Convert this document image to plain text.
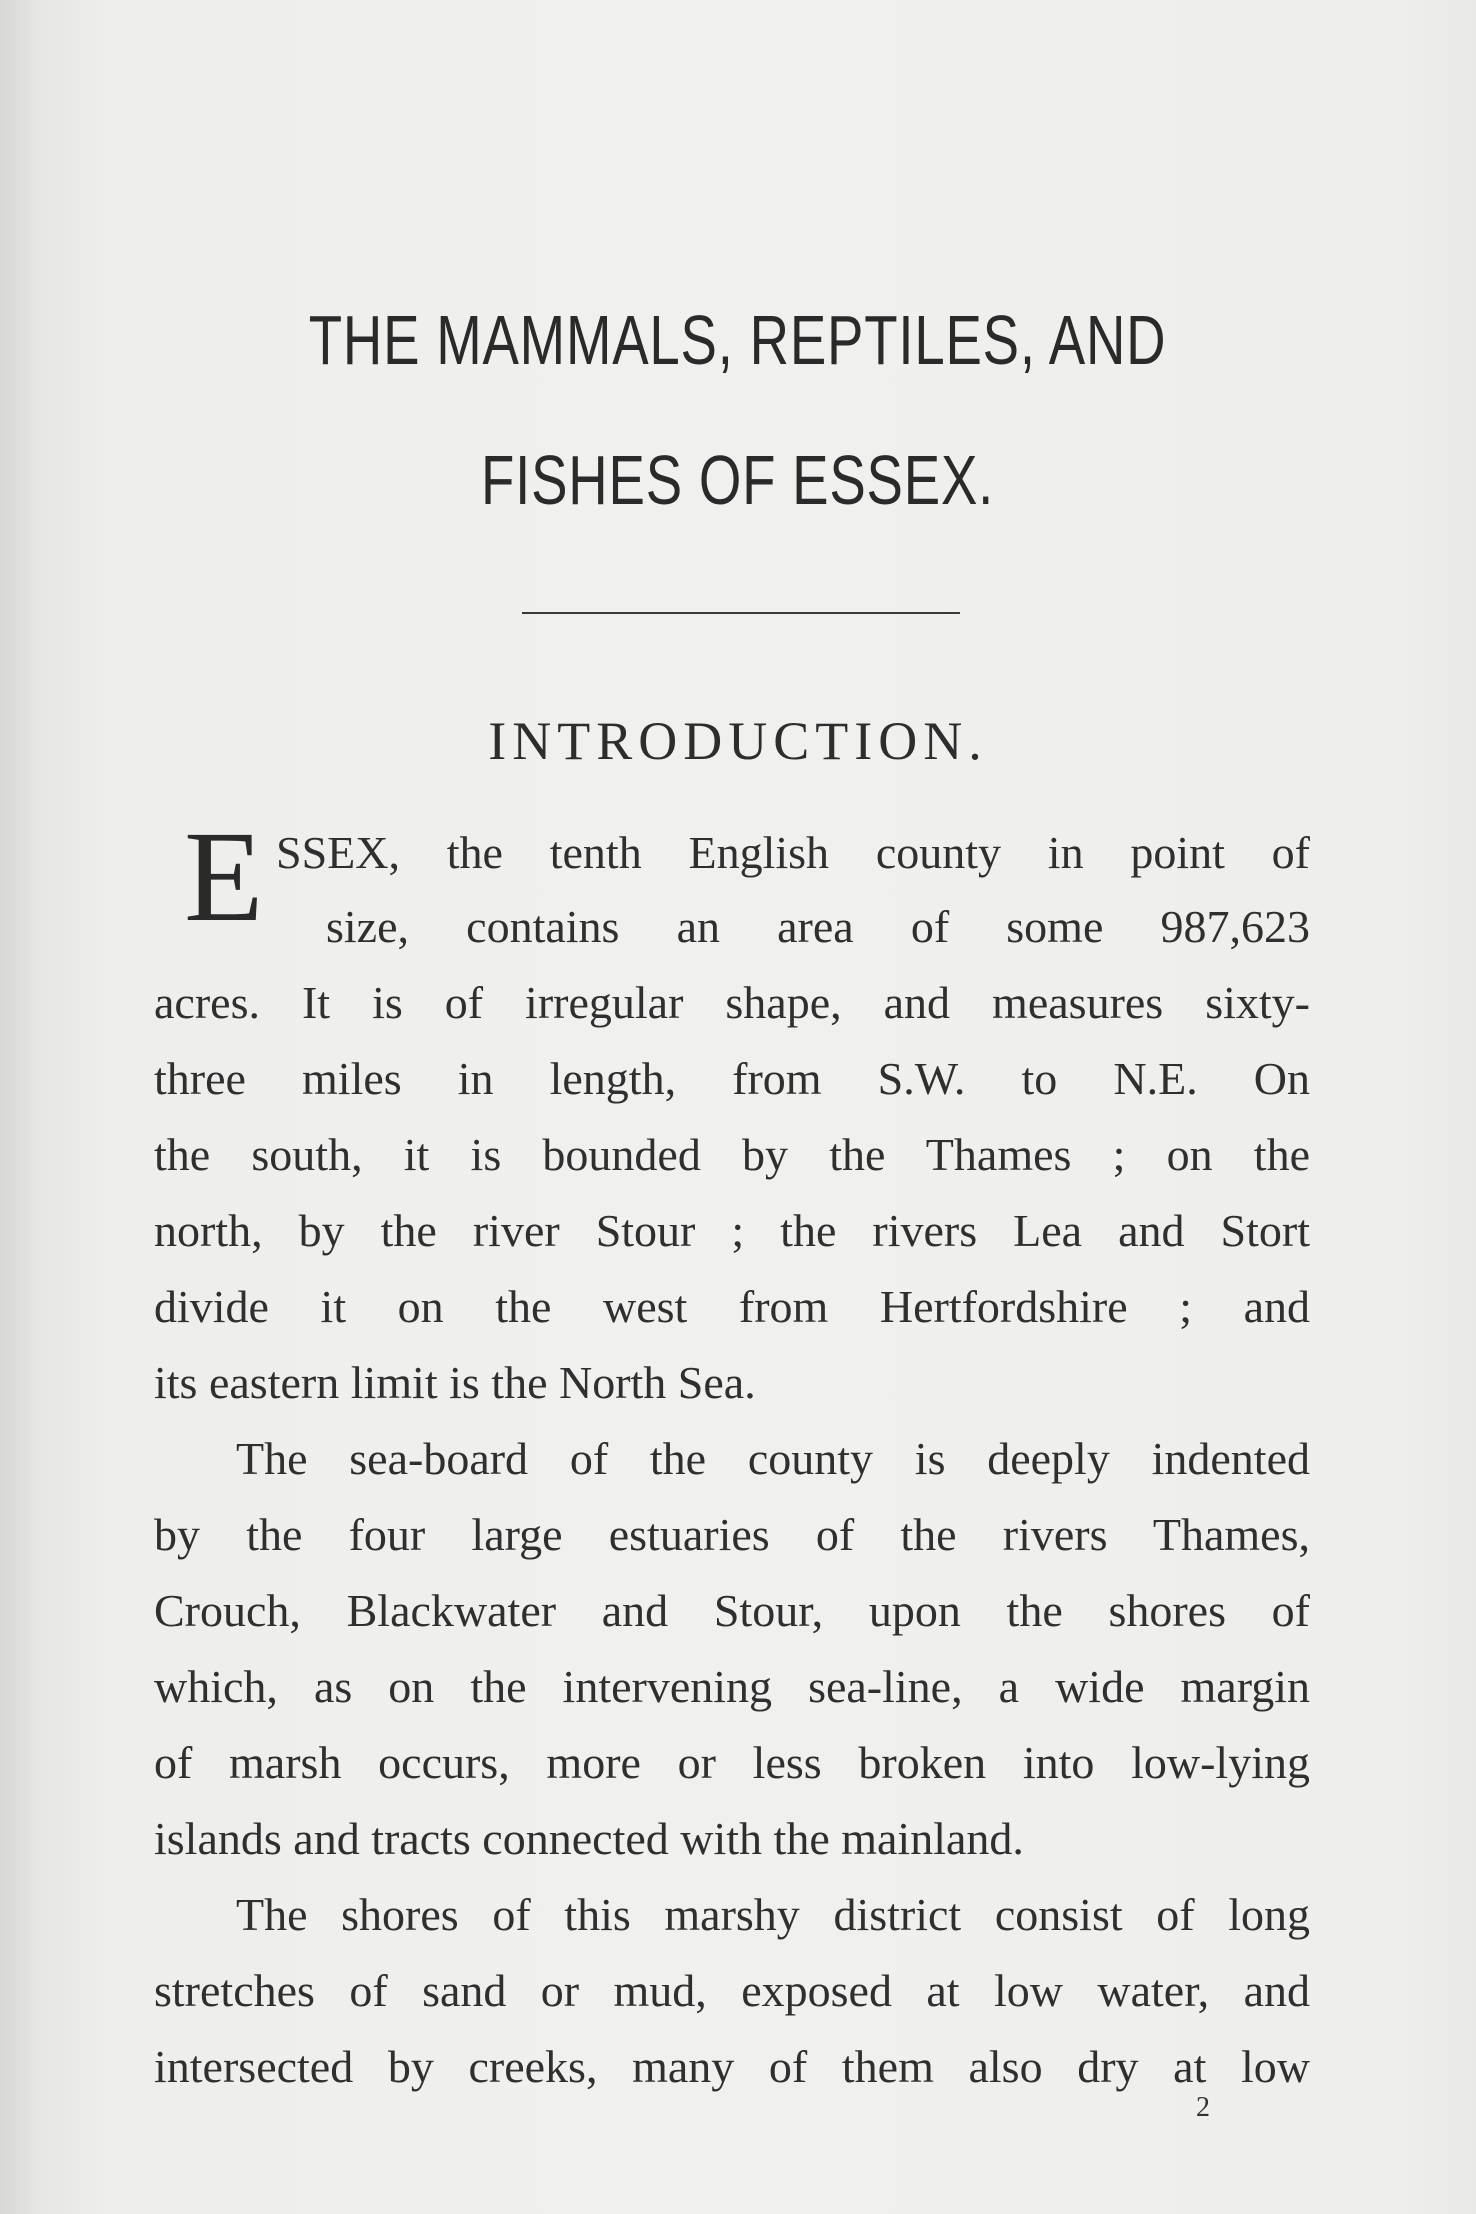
THE MAMMALS, REPTILES, AND
FISHES OF ESSEX.
INTRODUCTION.
E SSEX, the tenth English county in point of
size, contains an area of some 987,623
acres. It is of irregular shape, and measures sixty-
three miles in length, from S.W. to N.E. On
the south, it is bounded by the Thames ; on the
north, by the river Stour ; the rivers Lea and Stort
divide it on the west from Hertfordshire ; and
its eastern limit is the North Sea.
The sea-board of the county is deeply indented
by the four large estuaries of the rivers Thames,
Crouch, Blackwater and Stour, upon the shores of
which, as on the intervening sea-line, a wide margin
of marsh occurs, more or less broken into low-lying
islands and tracts connected with the mainland.
The shores of this marshy district consist of long
stretches of sand or mud, exposed at low water, and
intersected by creeks, many of them also dry at low
2
